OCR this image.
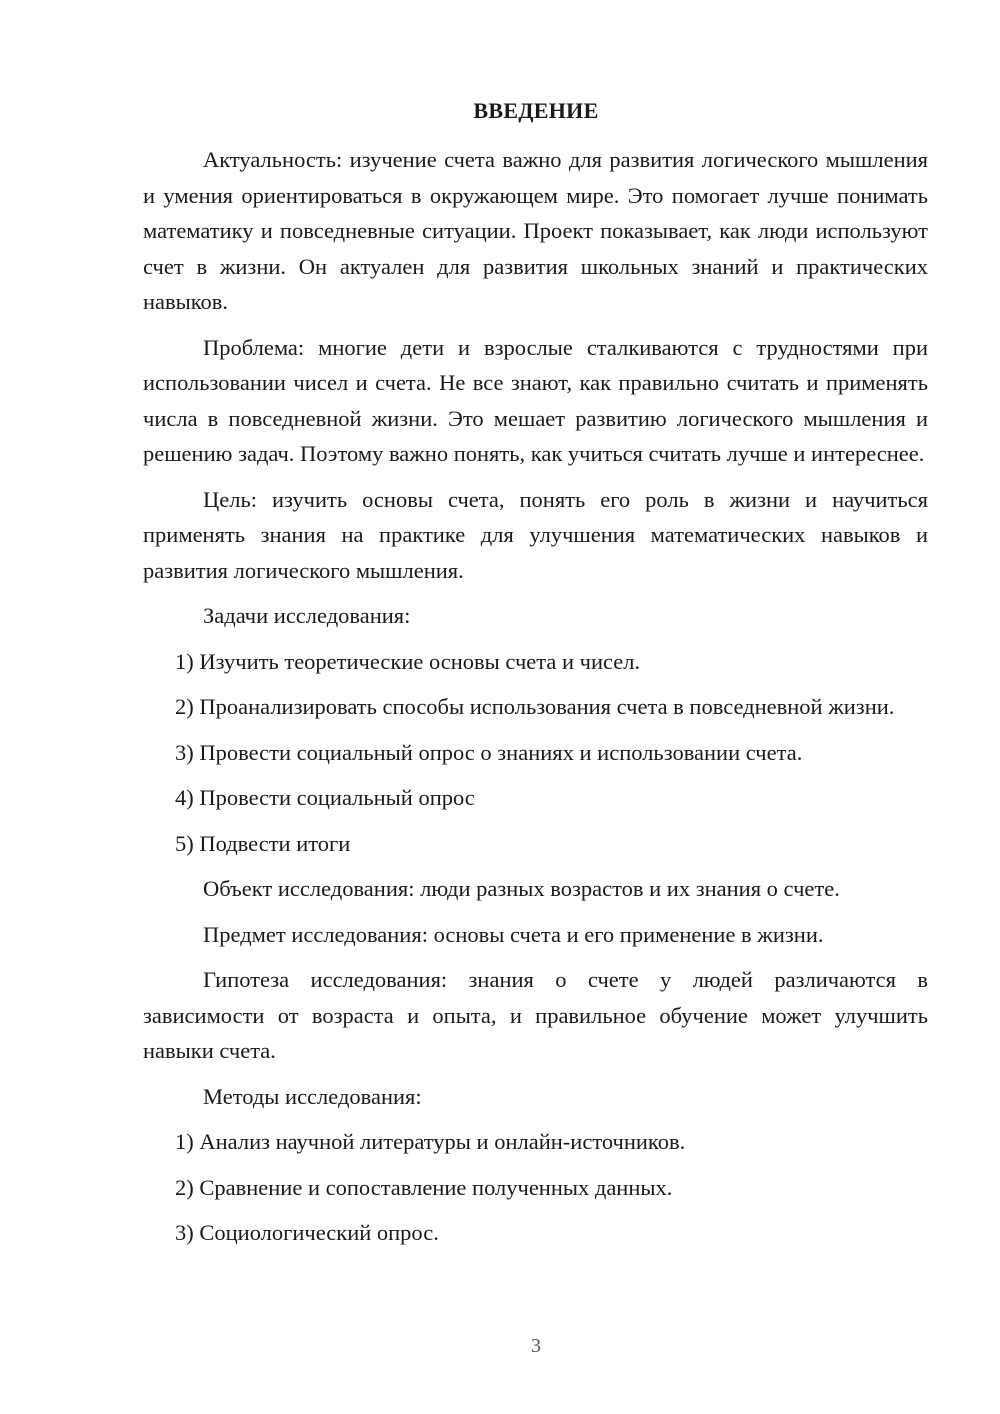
ВВЕДЕНИЕ

Актуальность: изучение счета важно для развития логического мышления и умения ориентироваться в окружающем мире. Это помогает лучше понимать математику и повседневные ситуации. Проект показывает, как люди используют счет в жизни. Он актуален для развития школьных знаний и практических навыков.

Проблема: многие дети и взрослые сталкиваются с трудностями при использовании чисел и счета. Не все знают, как правильно считать и применять числа в повседневной жизни. Это мешает развитию логического мышления и решению задач. Поэтому важно понять, как учиться считать лучше и интереснее.

Цель: изучить основы счета, понять его роль в жизни и научиться применять знания на практике для улучшения математических навыков и развития логического мышления.

Задачи исследования:

1) Изучить теоретические основы счета и чисел.

2) Проанализировать способы использования счета в повседневной жизни.

3) Провести социальный опрос о знаниях и использовании счета.

4) Провести социальный опрос

5) Подвести итоги

Объект исследования: люди разных возрастов и их знания о счете.

Предмет исследования: основы счета и его применение в жизни.

Гипотеза исследования: знания о счете у людей различаются в зависимости от возраста и опыта, и правильное обучение может улучшить навыки счета.

Методы исследования:

1) Анализ научной литературы и онлайн-источников.

2) Сравнение и сопоставление полученных данных.

3) Социологический опрос.

3
